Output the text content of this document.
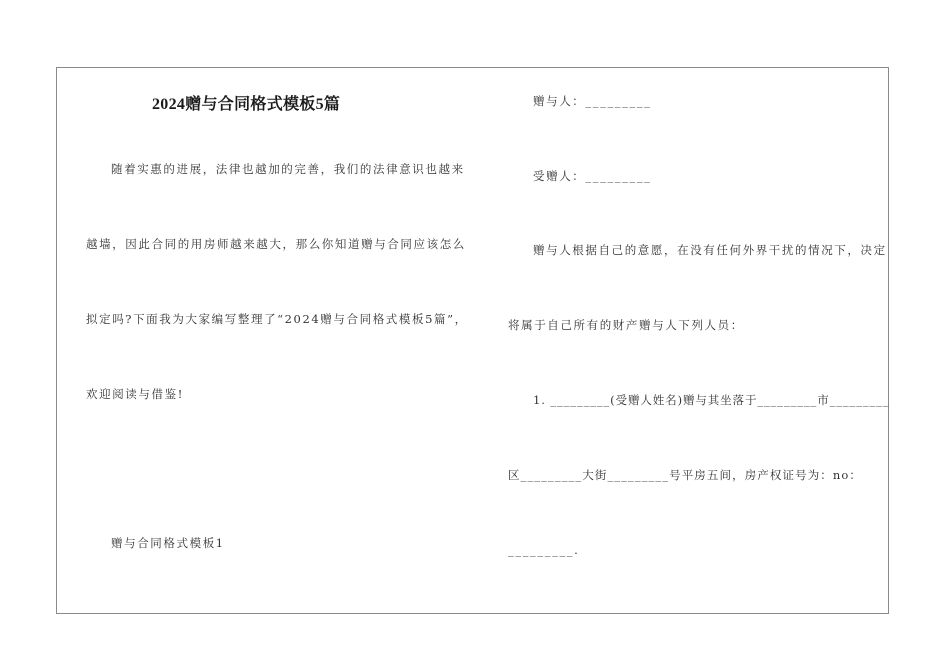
2024赠与合同格式模板5篇
随着实惠的进展，法律也越加的完善，我们的法律意识也越来
越墙，因此合同的用房师越来越大，那么你知道赠与合同应该怎么
拟定吗?下面我为大家编写整理了“2024赠与合同格式模板5篇”，
欢迎阅读与借鉴!
赠与合同格式模板1
赠与人：_________
受赠人：_________
赠与人根据自己的意愿，在没有任何外界干扰的情况下，决定
将属于自己所有的财产赠与人下列人员：
1. _________(受赠人姓名)赠与其坐落于_________市_________
区_________大街_________号平房五间，房产权证号为：no：
_________.
